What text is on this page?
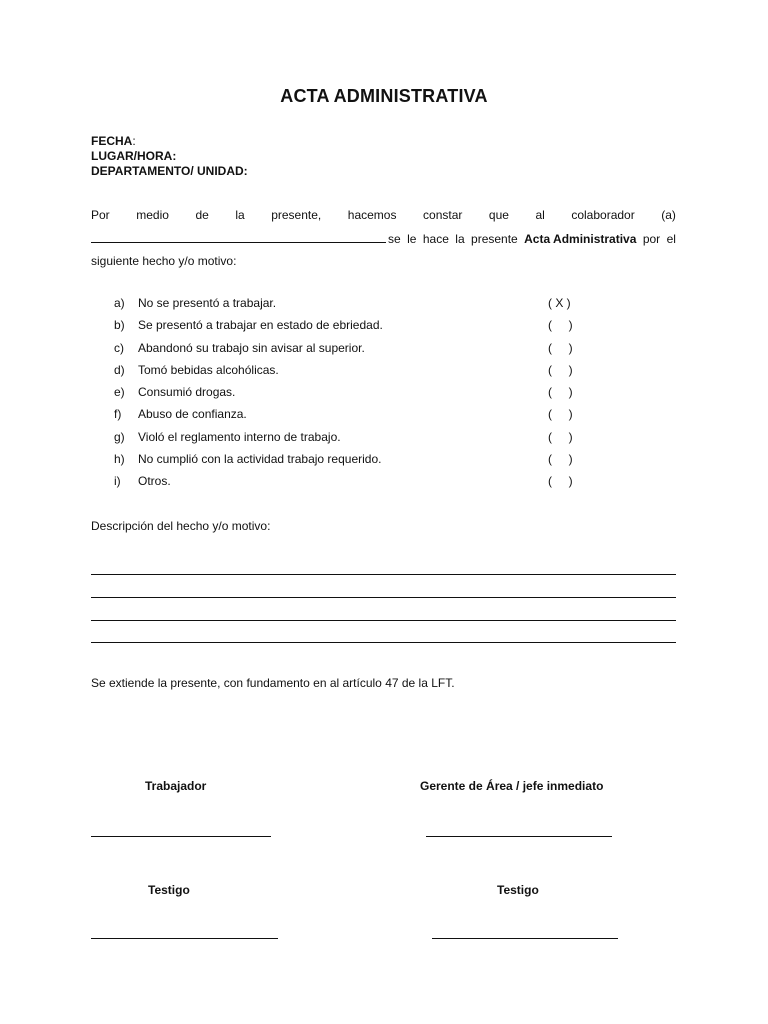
ACTA ADMINISTRATIVA
FECHA:
LUGAR/HORA:
DEPARTAMENTO/ UNIDAD:
Por medio de la presente, hacemos constar que al colaborador (a)
se le hace la presente Acta Administrativa por el
siguiente hecho y/o motivo:
a) No se presentó a trabajar.	( X )
b) Se presentó a trabajar en estado de ebriedad.	(     )
c) Abandonó su trabajo sin avisar al superior.	(     )
d) Tomó bebidas alcohólicas.	(     )
e) Consumió drogas.	(     )
f) Abuso de confianza.	(     )
g) Violó el reglamento interno de trabajo.	(     )
h) No cumplió con la actividad trabajo requerido.	(     )
i) Otros.	(     )
Descripción del hecho y/o motivo:
Se extiende la presente, con fundamento en al artículo 47 de la LFT.
Trabajador	Gerente de Área / jefe inmediato
Testigo	Testigo
